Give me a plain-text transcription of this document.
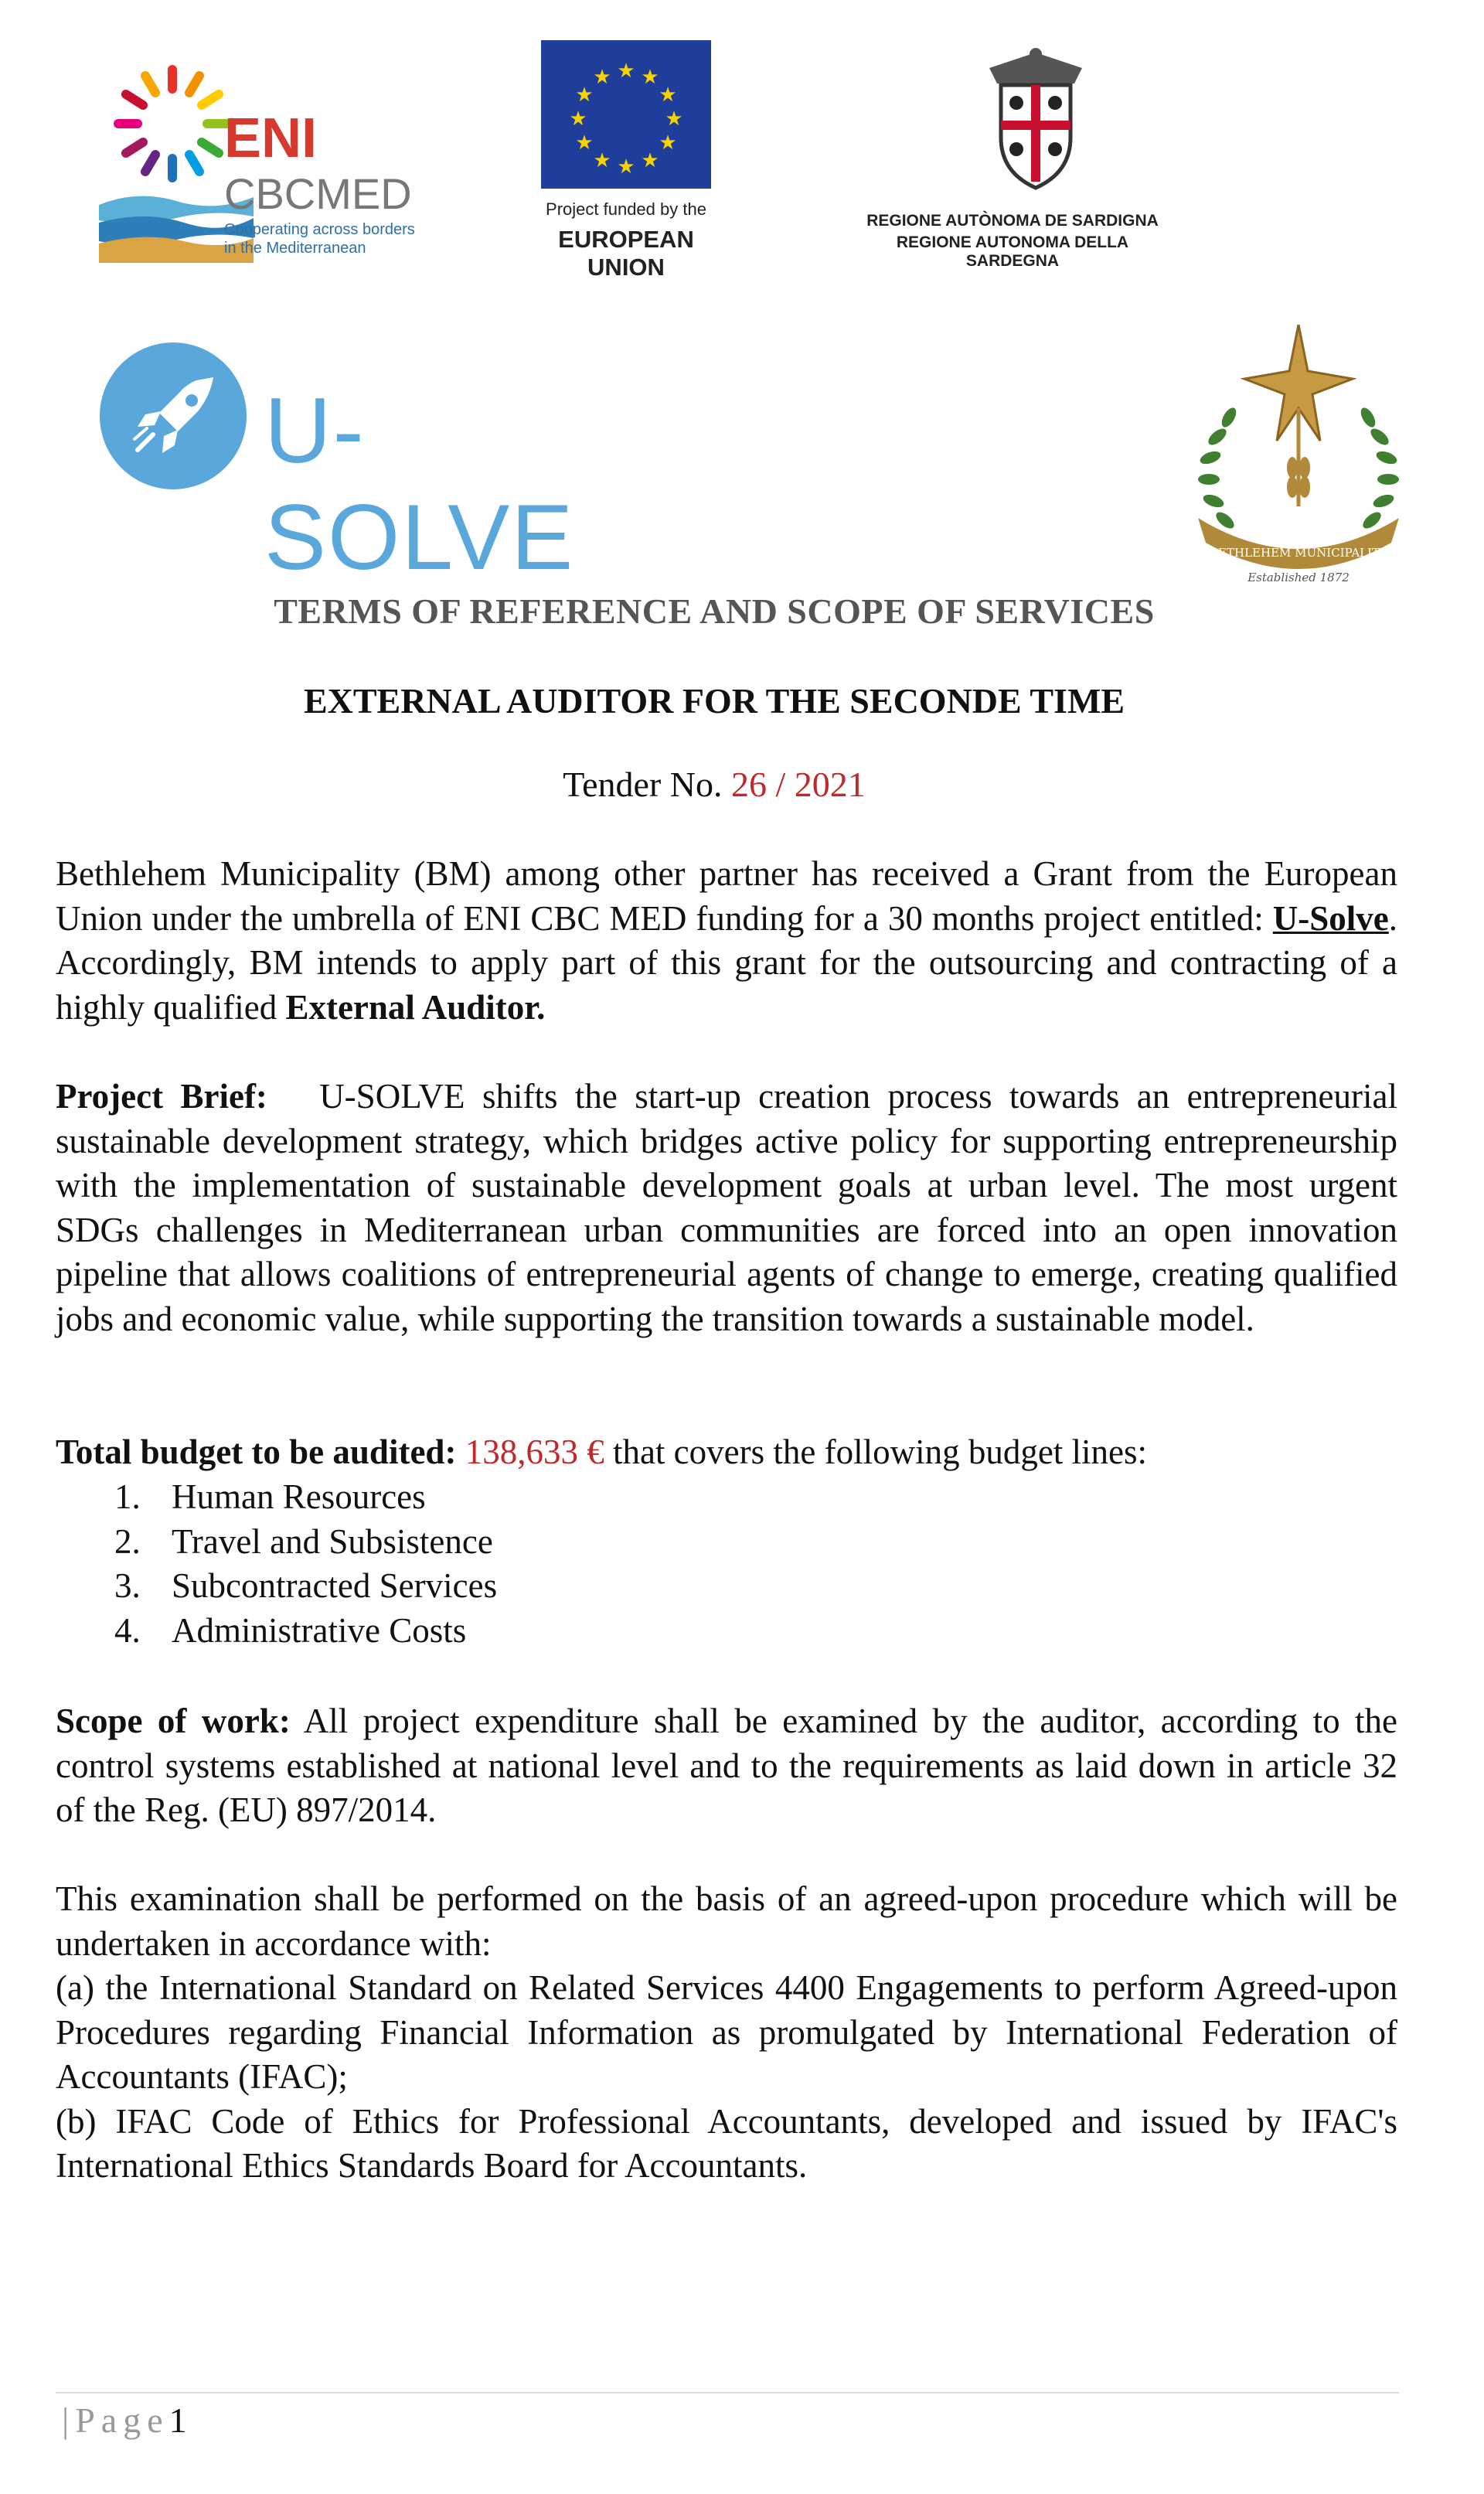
ENI
CBCMED
Cooperating across borders
in the Mediterranean
★ ★
★
★
★
★
★
★
★
★
★
★
Project funded by the
EUROPEAN UNION
REGIONE AUTÒNOMA DE SARDIGNA
REGIONE AUTONOMA DELLA SARDEGNA
U-SOLVE	BETHLEHEM MUNICIPALITY
Established 1872
TERMS OF REFERENCE AND SCOPE OF SERVICES
EXTERNAL AUDITOR FOR THE SECONDE TIME
Tender No. 26 / 2021
Bethlehem Municipality (BM) among other partner has received a Grant from the European Union under the umbrella of ENI CBC MED funding for a 30 months project entitled: U-Solve. Accordingly, BM intends to apply part of this grant for the outsourcing and contracting of a highly qualified External Auditor.
Project Brief: U-SOLVE shifts the start-up creation process towards an entrepreneurial sustainable development strategy, which bridges active policy for supporting entrepreneurship with the implementation of sustainable development goals at urban level. The most urgent SDGs challenges in Mediterranean urban communities are forced into an open innovation pipeline that allows coalitions of entrepreneurial agents of change to emerge, creating qualified jobs and economic value, while supporting the transition towards a sustainable model.
Total budget to be audited: 138,633 € that covers the following budget lines:
1. Human Resources
2. Travel and Subsistence
3. Subcontracted Services
4. Administrative Costs
Scope of work: All project expenditure shall be examined by the auditor, according to the control systems established at national level and to the requirements as laid down in article 32 of the Reg. (EU) 897/2014.
This examination shall be performed on the basis of an agreed-upon procedure which will be undertaken in accordance with:
(a) the International Standard on Related Services 4400 Engagements to perform Agreed-upon Procedures regarding Financial Information as promulgated by International Federation of Accountants (IFAC);
(b) IFAC Code of Ethics for Professional Accountants, developed and issued by IFAC's International Ethics Standards Board for Accountants.
|Page1
